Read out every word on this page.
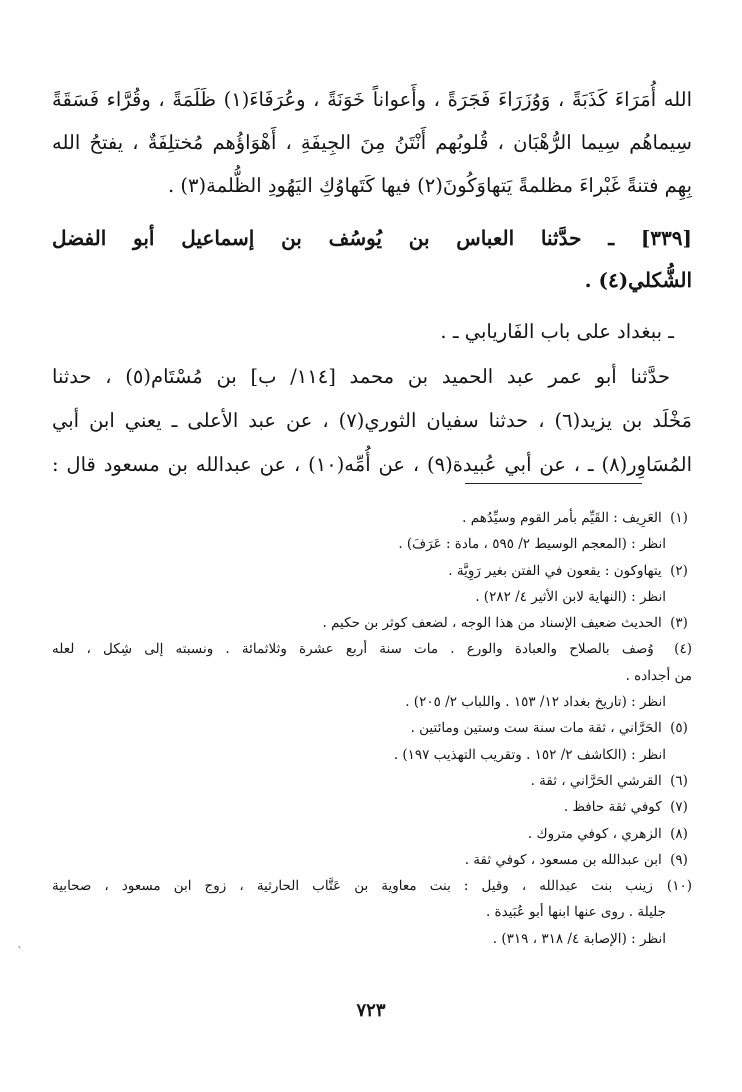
الله أُمَرَاءَ كَذَبَةً ، وَوُزَرَاءَ فَجَرَةً ، وأَعواناً خَوَنَةً ، وعُرَفَاءَ(١) ظَلَمَةً ، وقُرَّاء فَسَقَةً
سِيماهُم سِيما الرُّهْبَان ، قُلوبُهم أَنْتَنُ مِنَ الجِيفَةِ ، أَهْوَاؤُهم مُختلِفَةٌ ، يفتحُ الله
بِهِم فتنةً غَبْراءَ مظلمةً يَتهاوَكُونَ(٢) فيها كَتَهاوُكِ اليَهُودِ الظُّلمة(٣) .
[٣٣٩] ـ حدَّثنا العباس بن يُوسُف بن إسماعيل أبو الفضل
الشُّكلي(٤) .
ـ ببغداد على باب الفَاريابي ـ .
حدَّثنا أبو عمر عبد الحميد بن محمد [١١٤/ ب] بن مُسْتَام(٥) ، حدثنا
مَخْلَد بن يزيد(٦) ، حدثنا سفيان الثوري(٧) ، عن عبد الأعلى ـ يعني ابن أبي
المُسَاوِر(٨) ـ ، عن أبي عُبيدة(٩) ، عن أُمِّه(١٠) ، عن عبدالله بن مسعود قال :
(١) العَرِيف : القَيِّم بأمر القوم وسيِّدُهم .
انظر : (المعجم الوسيط ٢/ ٥٩٥ ، مادة : عَرَفَ) .
(٢) يتهاوكون : يقعون في الفتن بغير رَوِيَّة .
انظر : (النهاية لابن الأثير ٤/ ٢٨٢) .
(٣) الحديث ضعيف الإسناد من هذا الوجه ، لضعف كوثر بن حكيم .
(٤) وُصف بالصلاح والعبادة والورع . مات سنة أربع عشرة وثلاثمائة . ونسبته إلى شِكل ، لعله
من أجداده .
انظر : (تاريخ بغداد ١٢/ ١٥٣ . واللباب ٢/ ٢٠٥) .
(٥) الحَرَّاني ، ثقة مات سنة ست وستين ومائتين .
انظر : (الكاشف ٢/ ١٥٢ . وتقريب التهذيب ١٩٧) .
(٦) القرشي الحَرَّاني ، ثقة .
(٧) كوفي ثقة حافظ .
(٨) الزهري ، كوفي متروك .
(٩) ابن عبدالله بن مسعود ، كوفي ثقة .
(١٠) زينب بنت عبدالله ، وقيل : بنت معاوية بن عَتَّاب الحارثية ، زوج ابن مسعود ، صحابية
جليلة . روى عنها ابنها أبو عُبَيدة .
انظر : (الإصابة ٤/ ٣١٨ ، ٣١٩) .
٧٢٣
ˋ
